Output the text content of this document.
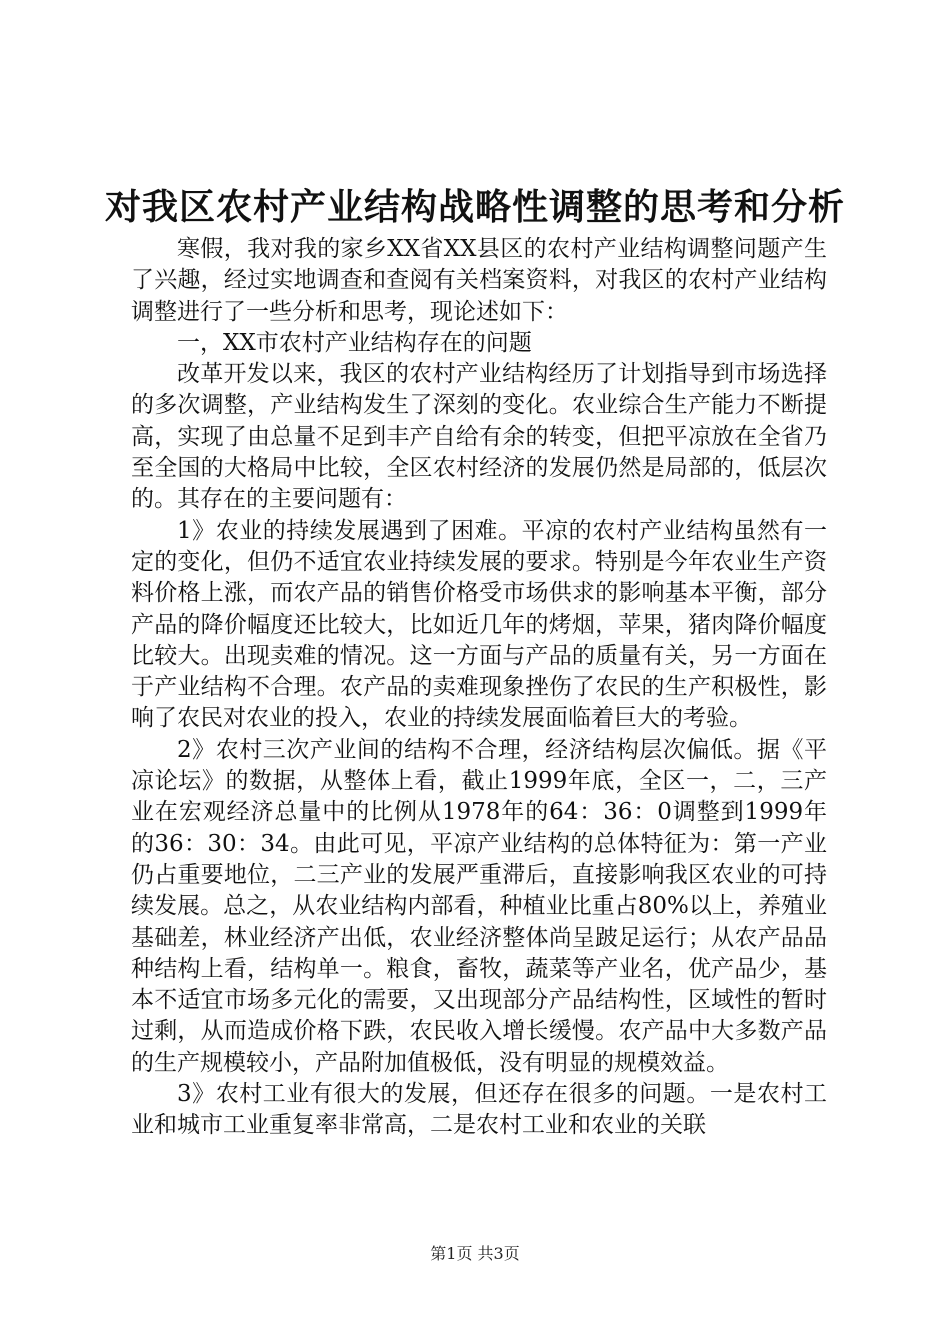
对我区农村产业结构战略性调整的思考和分析

寒假，我对我的家乡XX省XX县区的农村产业结构调整问题产生了兴趣，经过实地调查和查阅有关档案资料，对我区的农村产业结构调整进行了一些分析和思考，现论述如下：

一，XX市农村产业结构存在的问题

改革开发以来，我区的农村产业结构经历了计划指导到市场选择的多次调整，产业结构发生了深刻的变化。农业综合生产能力不断提高，实现了由总量不足到丰产自给有余的转变，但把平凉放在全省乃至全国的大格局中比较，全区农村经济的发展仍然是局部的，低层次的。其存在的主要问题有：

1》农业的持续发展遇到了困难。平凉的农村产业结构虽然有一定的变化，但仍不适宜农业持续发展的要求。特别是今年农业生产资料价格上涨，而农产品的销售价格受市场供求的影响基本平衡，部分产品的降价幅度还比较大，比如近几年的烤烟，苹果，猪肉降价幅度比较大。出现卖难的情况。这一方面与产品的质量有关，另一方面在于产业结构不合理。农产品的卖难现象挫伤了农民的生产积极性，影响了农民对农业的投入，农业的持续发展面临着巨大的考验。

2》农村三次产业间的结构不合理，经济结构层次偏低。据《平凉论坛》的数据，从整体上看，截止1999年底，全区一，二，三产业在宏观经济总量中的比例从1978年的64：36：0调整到1999年的36：30：34。由此可见，平凉产业结构的总体特征为：第一产业仍占重要地位，二三产业的发展严重滞后，直接影响我区农业的可持续发展。总之，从农业结构内部看，种植业比重占80%以上，养殖业基础差，林业经济产出低，农业经济整体尚呈跛足运行；从农产品品种结构上看，结构单一。粮食，畜牧，蔬菜等产业名，优产品少，基本不适宜市场多元化的需要，又出现部分产品结构性，区域性的暂时过剩，从而造成价格下跌，农民收入增长缓慢。农产品中大多数产品的生产规模较小，产品附加值极低，没有明显的规模效益。

3》农村工业有很大的发展，但还存在很多的问题。一是农村工业和城市工业重复率非常高，二是农村工业和农业的关联

第1页 共3页
